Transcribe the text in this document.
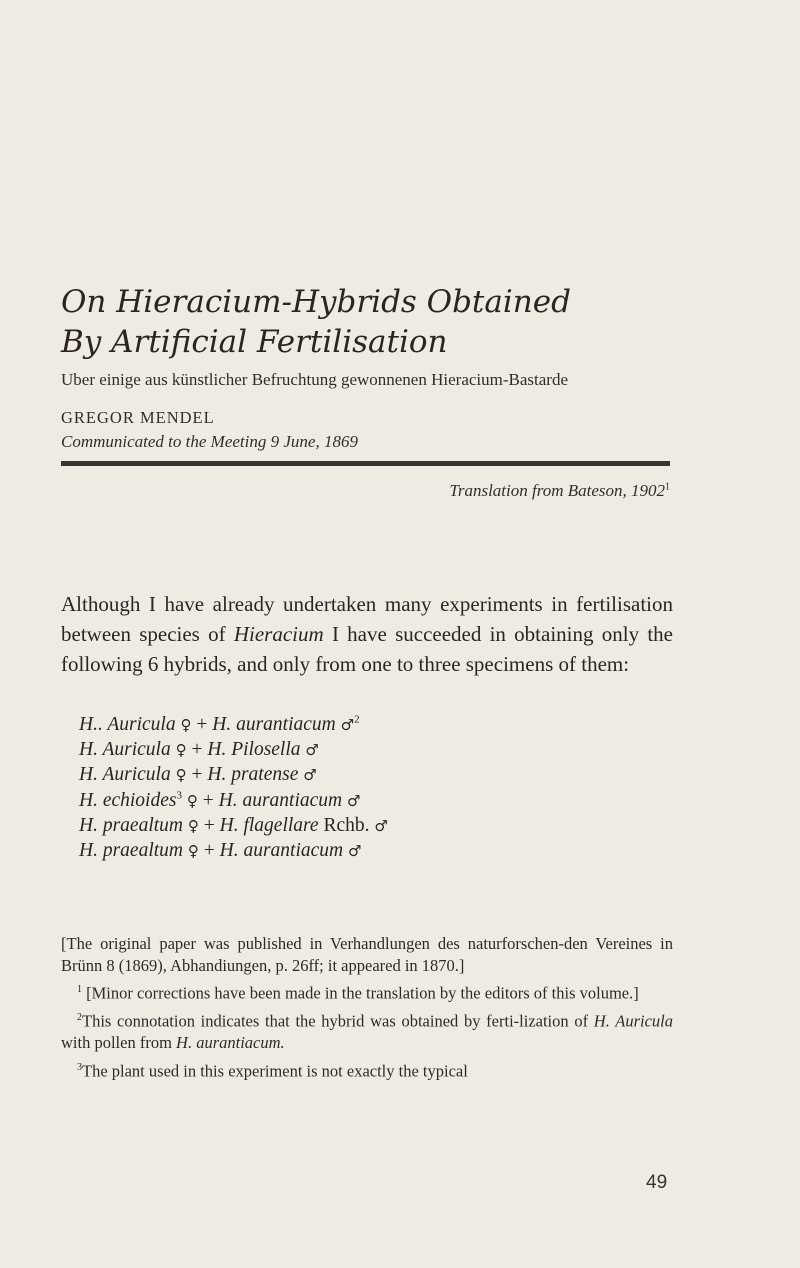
On Hieracium-Hybrids Obtained
By Artificial Fertilisation
Uber einige aus künstlicher Befruchtung gewonnenen Hieracium-Bastarde
GREGOR MENDEL
Communicated to the Meeting 9 June, 1869
Translation from Bateson, 1902$^1$

Although I have already undertaken many experiments in fertilisation between species of Hieracium I have succeeded in obtaining only the following 6 hybrids, and only from one to three specimens of them:

H.. Auricula ♀ + H. aurantiacum ♂$^2$
H. Auricula ♀ + H. Pilosella ♂
H. Auricula ♀ + H. pratense ♂
H. echioides$^3$ ♀ + H. aurantiacum ♂
H. praealtum ♀ + H. flagellare Rchb. ♂
H. praealtum ♀ + H. aurantiacum ♂

[The original paper was published in Verhandlungen des naturforschen-den Vereines in Brünn 8 (1869), Abhandiungen, p. 26ff; it appeared in 1870.]

$^1$ [Minor corrections have been made in the translation by the editors of this volume.]

$^2$This connotation indicates that the hybrid was obtained by ferti-lization of H. Auricula with pollen from H. aurantiacum.

$^3$The plant used in this experiment is not exactly the typical

49
